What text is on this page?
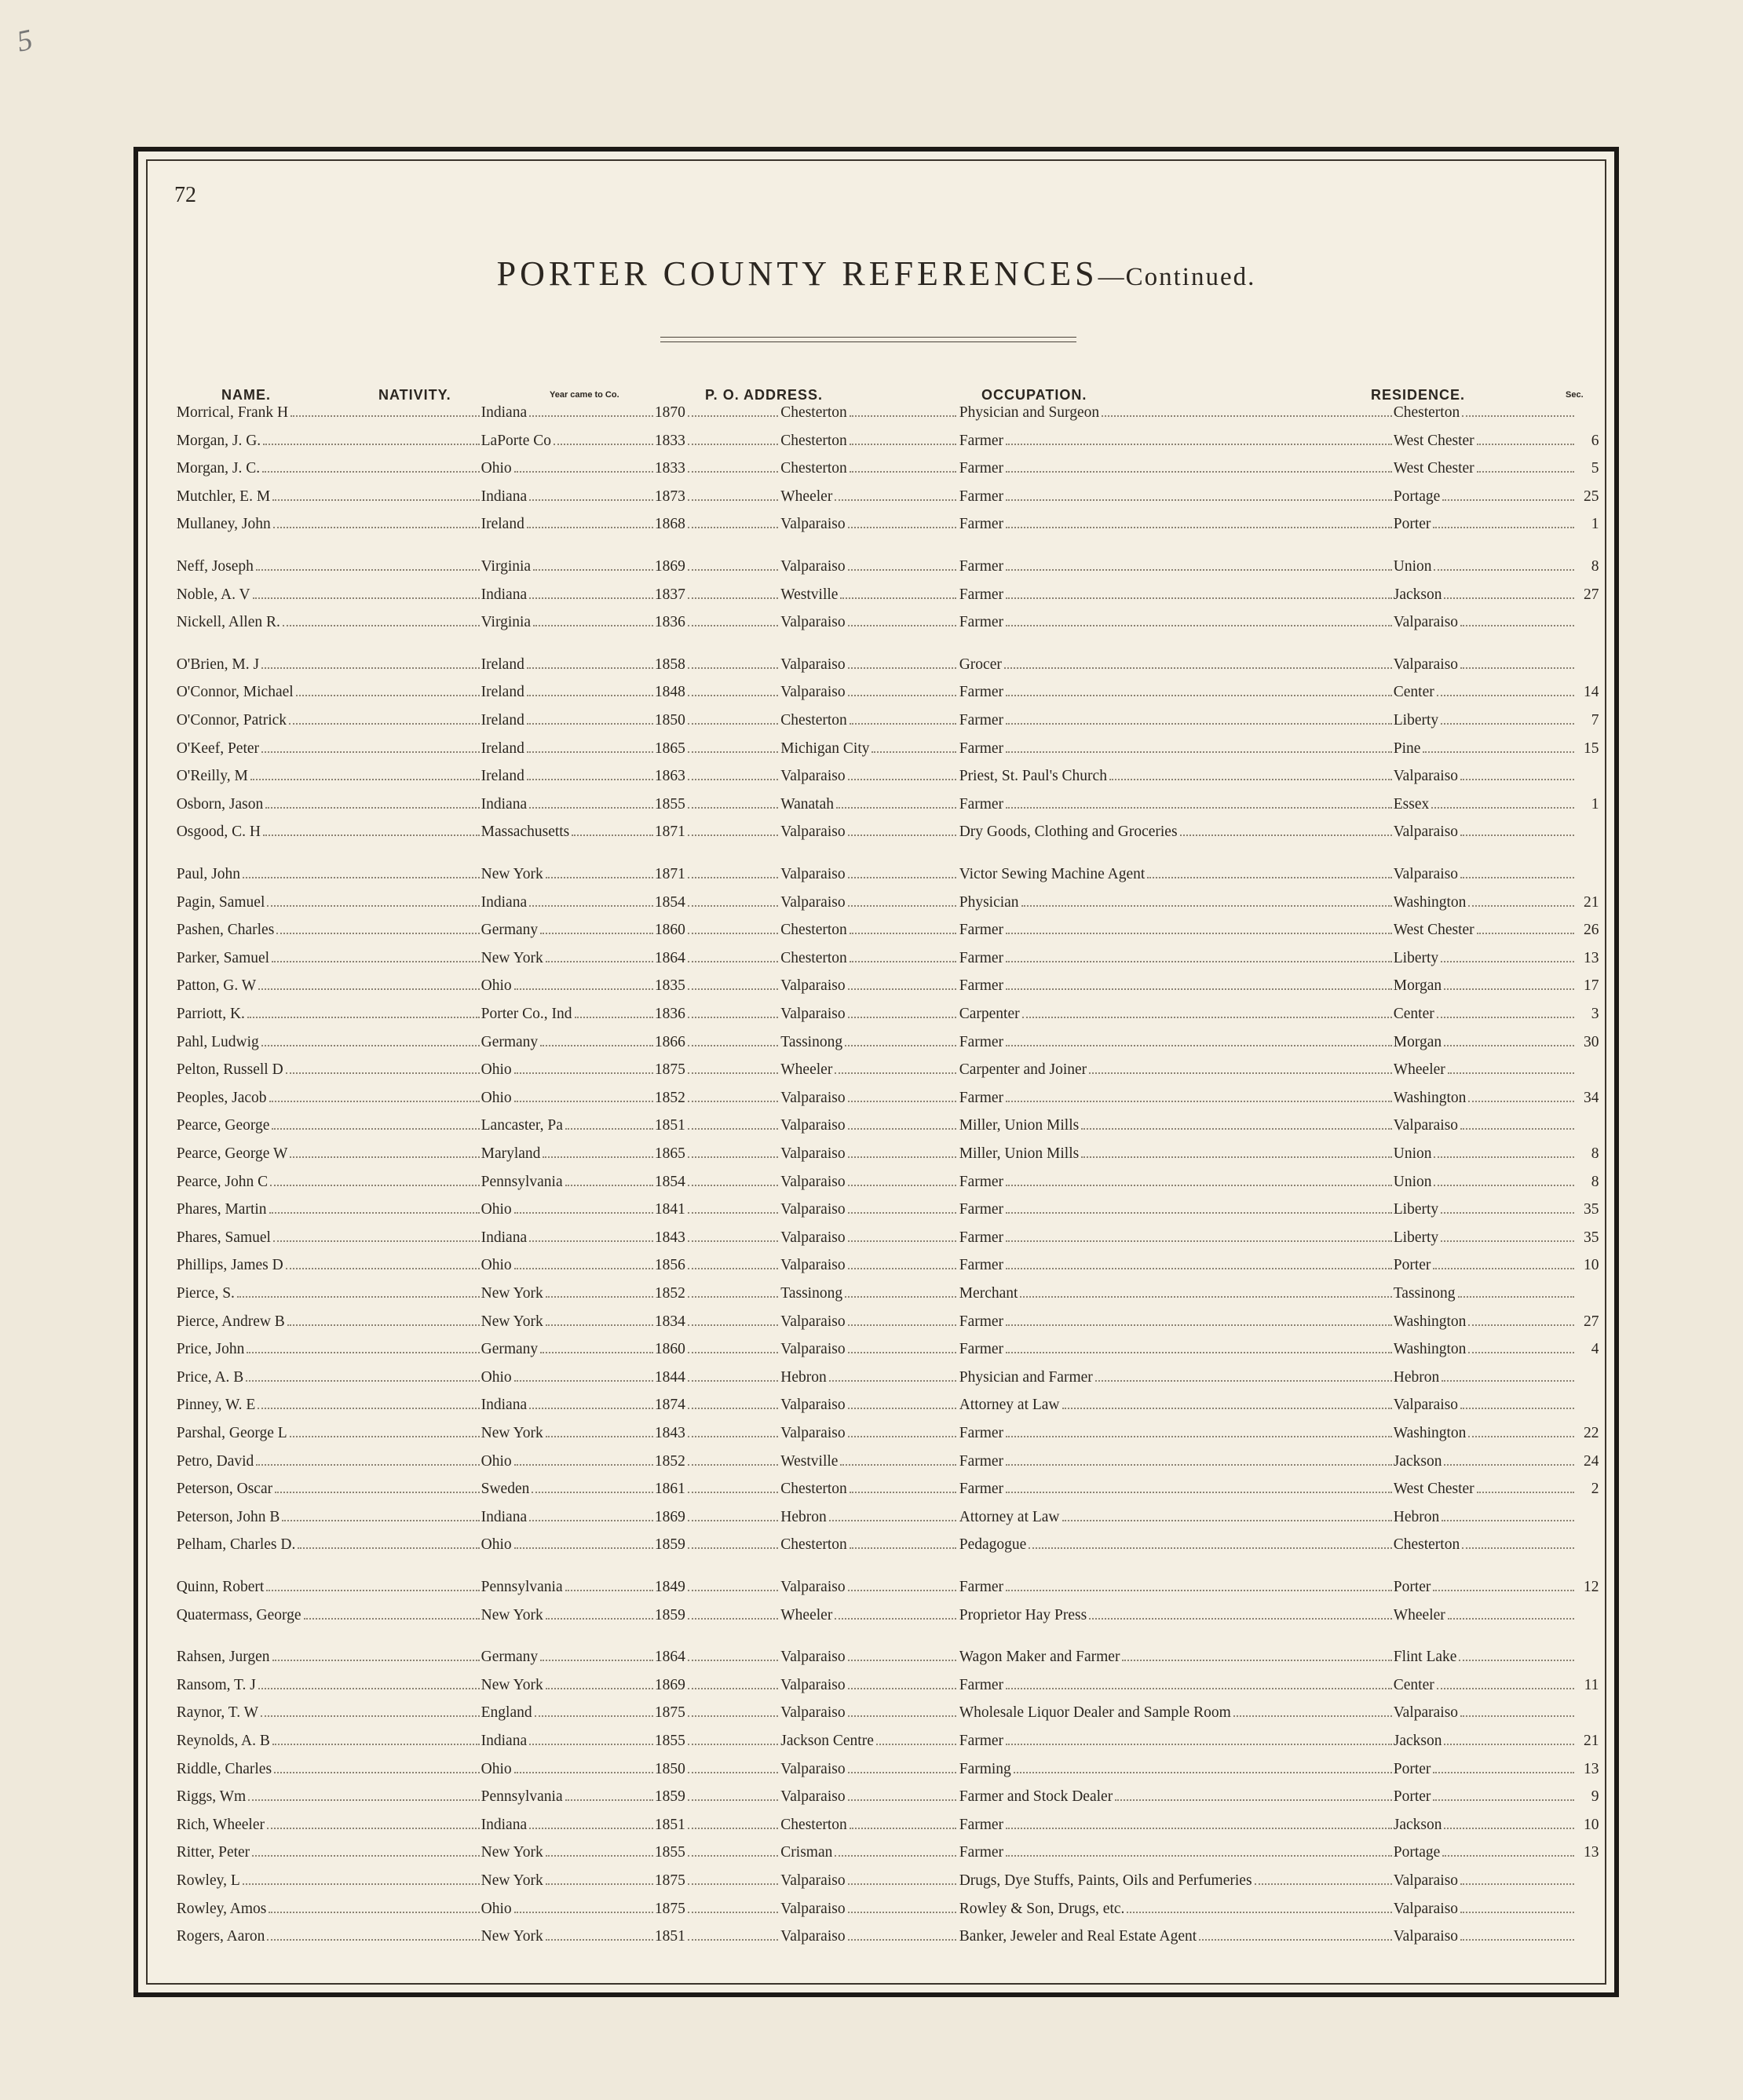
5
72
PORTER COUNTY REFERENCES—Continued.
NAME.	NATIVITY.	Year came to Co.	P. O. ADDRESS.	OCCUPATION.	RESIDENCE.	Sec.
Morrical, Frank H	Indiana	1870	Chesterton	Physician and Surgeon	Chesterton
Morgan, J. G.	LaPorte Co	1833	Chesterton	Farmer	West Chester	6
Morgan, J. C.	Ohio	1833	Chesterton	Farmer	West Chester	5
Mutchler, E. M	Indiana	1873	Wheeler	Farmer	Portage	25
Mullaney, John	Ireland	1868	Valparaiso	Farmer	Porter	1
Neff, Joseph	Virginia	1869	Valparaiso	Farmer	Union	8
Noble, A. V	Indiana	1837	Westville	Farmer	Jackson	27
Nickell, Allen R.	Virginia	1836	Valparaiso	Farmer	Valparaiso
O'Brien, M. J	Ireland	1858	Valparaiso	Grocer	Valparaiso
O'Connor, Michael	Ireland	1848	Valparaiso	Farmer	Center	14
O'Connor, Patrick	Ireland	1850	Chesterton	Farmer	Liberty	7
O'Keef, Peter	Ireland	1865	Michigan City	Farmer	Pine	15
O'Reilly, M	Ireland	1863	Valparaiso	Priest, St. Paul's Church	Valparaiso
Osborn, Jason	Indiana	1855	Wanatah	Farmer	Essex	1
Osgood, C. H	Massachusetts	1871	Valparaiso	Dry Goods, Clothing and Groceries	Valparaiso
Paul, John	New York	1871	Valparaiso	Victor Sewing Machine Agent	Valparaiso
Pagin, Samuel	Indiana	1854	Valparaiso	Physician	Washington	21
Pashen, Charles	Germany	1860	Chesterton	Farmer	West Chester	26
Parker, Samuel	New York	1864	Chesterton	Farmer	Liberty	13
Patton, G. W	Ohio	1835	Valparaiso	Farmer	Morgan	17
Parriott, K.	Porter Co., Ind	1836	Valparaiso	Carpenter	Center	3
Pahl, Ludwig	Germany	1866	Tassinong	Farmer	Morgan	30
Pelton, Russell D	Ohio	1875	Wheeler	Carpenter and Joiner	Wheeler
Peoples, Jacob	Ohio	1852	Valparaiso	Farmer	Washington	34
Pearce, George	Lancaster, Pa	1851	Valparaiso	Miller, Union Mills	Valparaiso
Pearce, George W	Maryland	1865	Valparaiso	Miller, Union Mills	Union	8
Pearce, John C	Pennsylvania	1854	Valparaiso	Farmer	Union	8
Phares, Martin	Ohio	1841	Valparaiso	Farmer	Liberty	35
Phares, Samuel	Indiana	1843	Valparaiso	Farmer	Liberty	35
Phillips, James D	Ohio	1856	Valparaiso	Farmer	Porter	10
Pierce, S.	New York	1852	Tassinong	Merchant	Tassinong
Pierce, Andrew B	New York	1834	Valparaiso	Farmer	Washington	27
Price, John	Germany	1860	Valparaiso	Farmer	Washington	4
Price, A. B	Ohio	1844	Hebron	Physician and Farmer	Hebron
Pinney, W. E	Indiana	1874	Valparaiso	Attorney at Law	Valparaiso
Parshal, George L	New York	1843	Valparaiso	Farmer	Washington	22
Petro, David	Ohio	1852	Westville	Farmer	Jackson	24
Peterson, Oscar	Sweden	1861	Chesterton	Farmer	West Chester	2
Peterson, John B	Indiana	1869	Hebron	Attorney at Law	Hebron
Pelham, Charles D.	Ohio	1859	Chesterton	Pedagogue	Chesterton
Quinn, Robert	Pennsylvania	1849	Valparaiso	Farmer	Porter	12
Quatermass, George	New York	1859	Wheeler	Proprietor Hay Press	Wheeler
Rahsen, Jurgen	Germany	1864	Valparaiso	Wagon Maker and Farmer	Flint Lake
Ransom, T. J	New York	1869	Valparaiso	Farmer	Center	11
Raynor, T. W	England	1875	Valparaiso	Wholesale Liquor Dealer and Sample Room	Valparaiso
Reynolds, A. B	Indiana	1855	Jackson Centre	Farmer	Jackson	21
Riddle, Charles	Ohio	1850	Valparaiso	Farming	Porter	13
Riggs, Wm	Pennsylvania	1859	Valparaiso	Farmer and Stock Dealer	Porter	9
Rich, Wheeler	Indiana	1851	Chesterton	Farmer	Jackson	10
Ritter, Peter	New York	1855	Crisman	Farmer	Portage	13
Rowley, L	New York	1875	Valparaiso	Drugs, Dye Stuffs, Paints, Oils and Perfumeries	Valparaiso
Rowley, Amos	Ohio	1875	Valparaiso	Rowley & Son, Drugs, etc.	Valparaiso
Rogers, Aaron	New York	1851	Valparaiso	Banker, Jeweler and Real Estate Agent	Valparaiso
